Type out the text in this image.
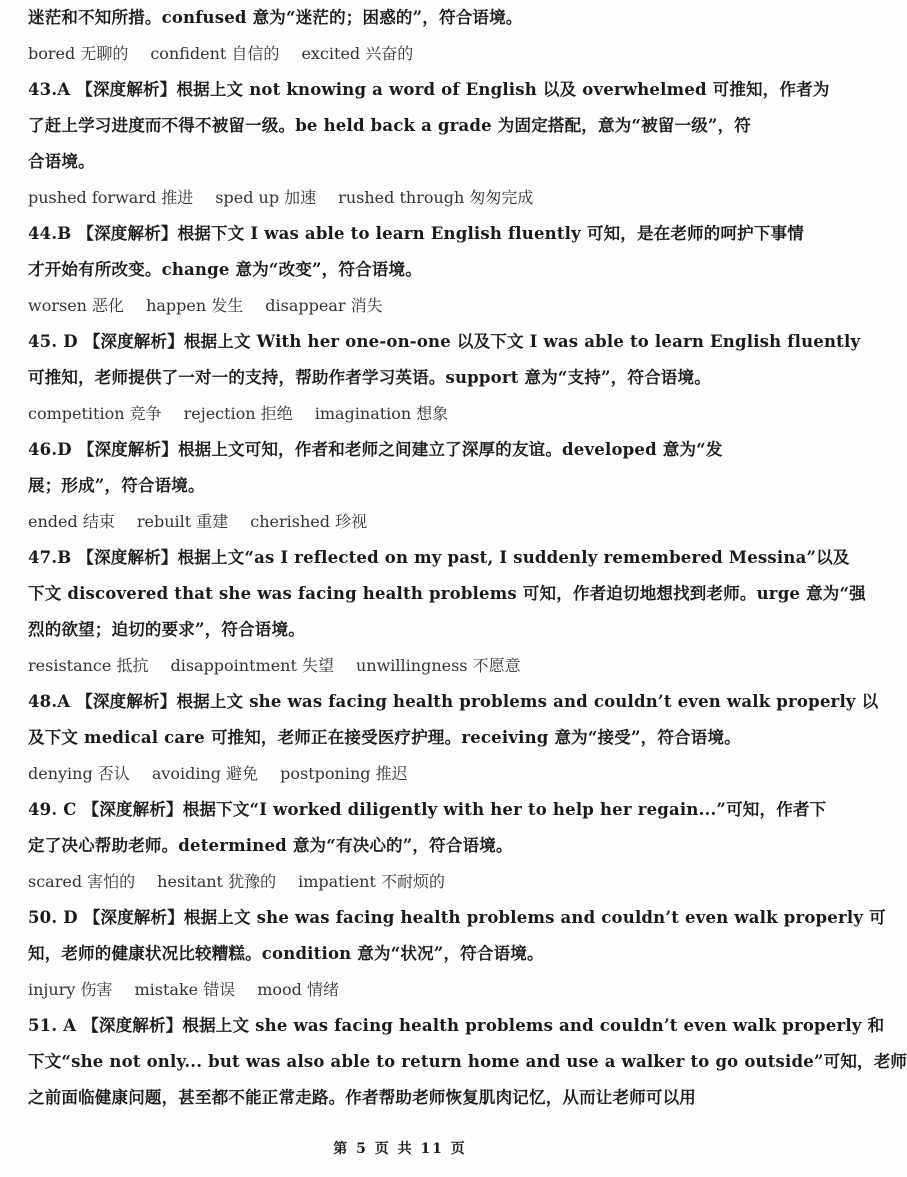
迷茫和不知所措。confused 意为“迷茫的；困惑的”，符合语境。
bored 无聊的 confident 自信的 excited 兴奋的
43.A 【深度解析】根据上文 not knowing a word of English 以及 overwhelmed 可推知，作者为
了赶上学习进度而不得不被留一级。be held back a grade 为固定搭配，意为“被留一级”，符
合语境。
pushed forward 推进 sped up 加速 rushed through 匆匆完成
44.B 【深度解析】根据下文 I was able to learn English fluently 可知，是在老师的呵护下事情
才开始有所改变。change 意为“改变”，符合语境。
worsen 恶化 happen 发生 disappear 消失
45. D 【深度解析】根据上文 With her one-on-one 以及下文 I was able to learn English fluently
可推知，老师提供了一对一的支持，帮助作者学习英语。support 意为“支持”，符合语境。
competition 竞争 rejection 拒绝 imagination 想象
46.D 【深度解析】根据上文可知，作者和老师之间建立了深厚的友谊。developed 意为“发
展；形成”，符合语境。
ended 结束 rebuilt 重建 cherished 珍视
47.B 【深度解析】根据上文“as I reflected on my past, I suddenly remembered Messina”以及
下文 discovered that she was facing health problems 可知，作者迫切地想找到老师。urge 意为“强
烈的欲望；迫切的要求”，符合语境。
resistance 抵抗 disappointment 失望 unwillingness 不愿意
48.A 【深度解析】根据上文 she was facing health problems and couldn’t even walk properly 以
及下文 medical care 可推知，老师正在接受医疗护理。receiving 意为“接受”，符合语境。
denying 否认 avoiding 避免 postponing 推迟
49. C 【深度解析】根据下文“I worked diligently with her to help her regain...”可知，作者下
定了决心帮助老师。determined 意为“有决心的”，符合语境。
scared 害怕的 hesitant 犹豫的 impatient 不耐烦的
50. D 【深度解析】根据上文 she was facing health problems and couldn’t even walk properly 可
知，老师的健康状况比较糟糕。condition 意为“状况”，符合语境。
injury 伤害 mistake 错误 mood 情绪
51. A 【深度解析】根据上文 she was facing health problems and couldn’t even walk properly 和
下文“she not only... but was also able to return home and use a walker to go outside”可知，老师
之前面临健康问题，甚至都不能正常走路。作者帮助老师恢复肌肉记忆，从而让老师可以用
第 5 页 共 11 页
